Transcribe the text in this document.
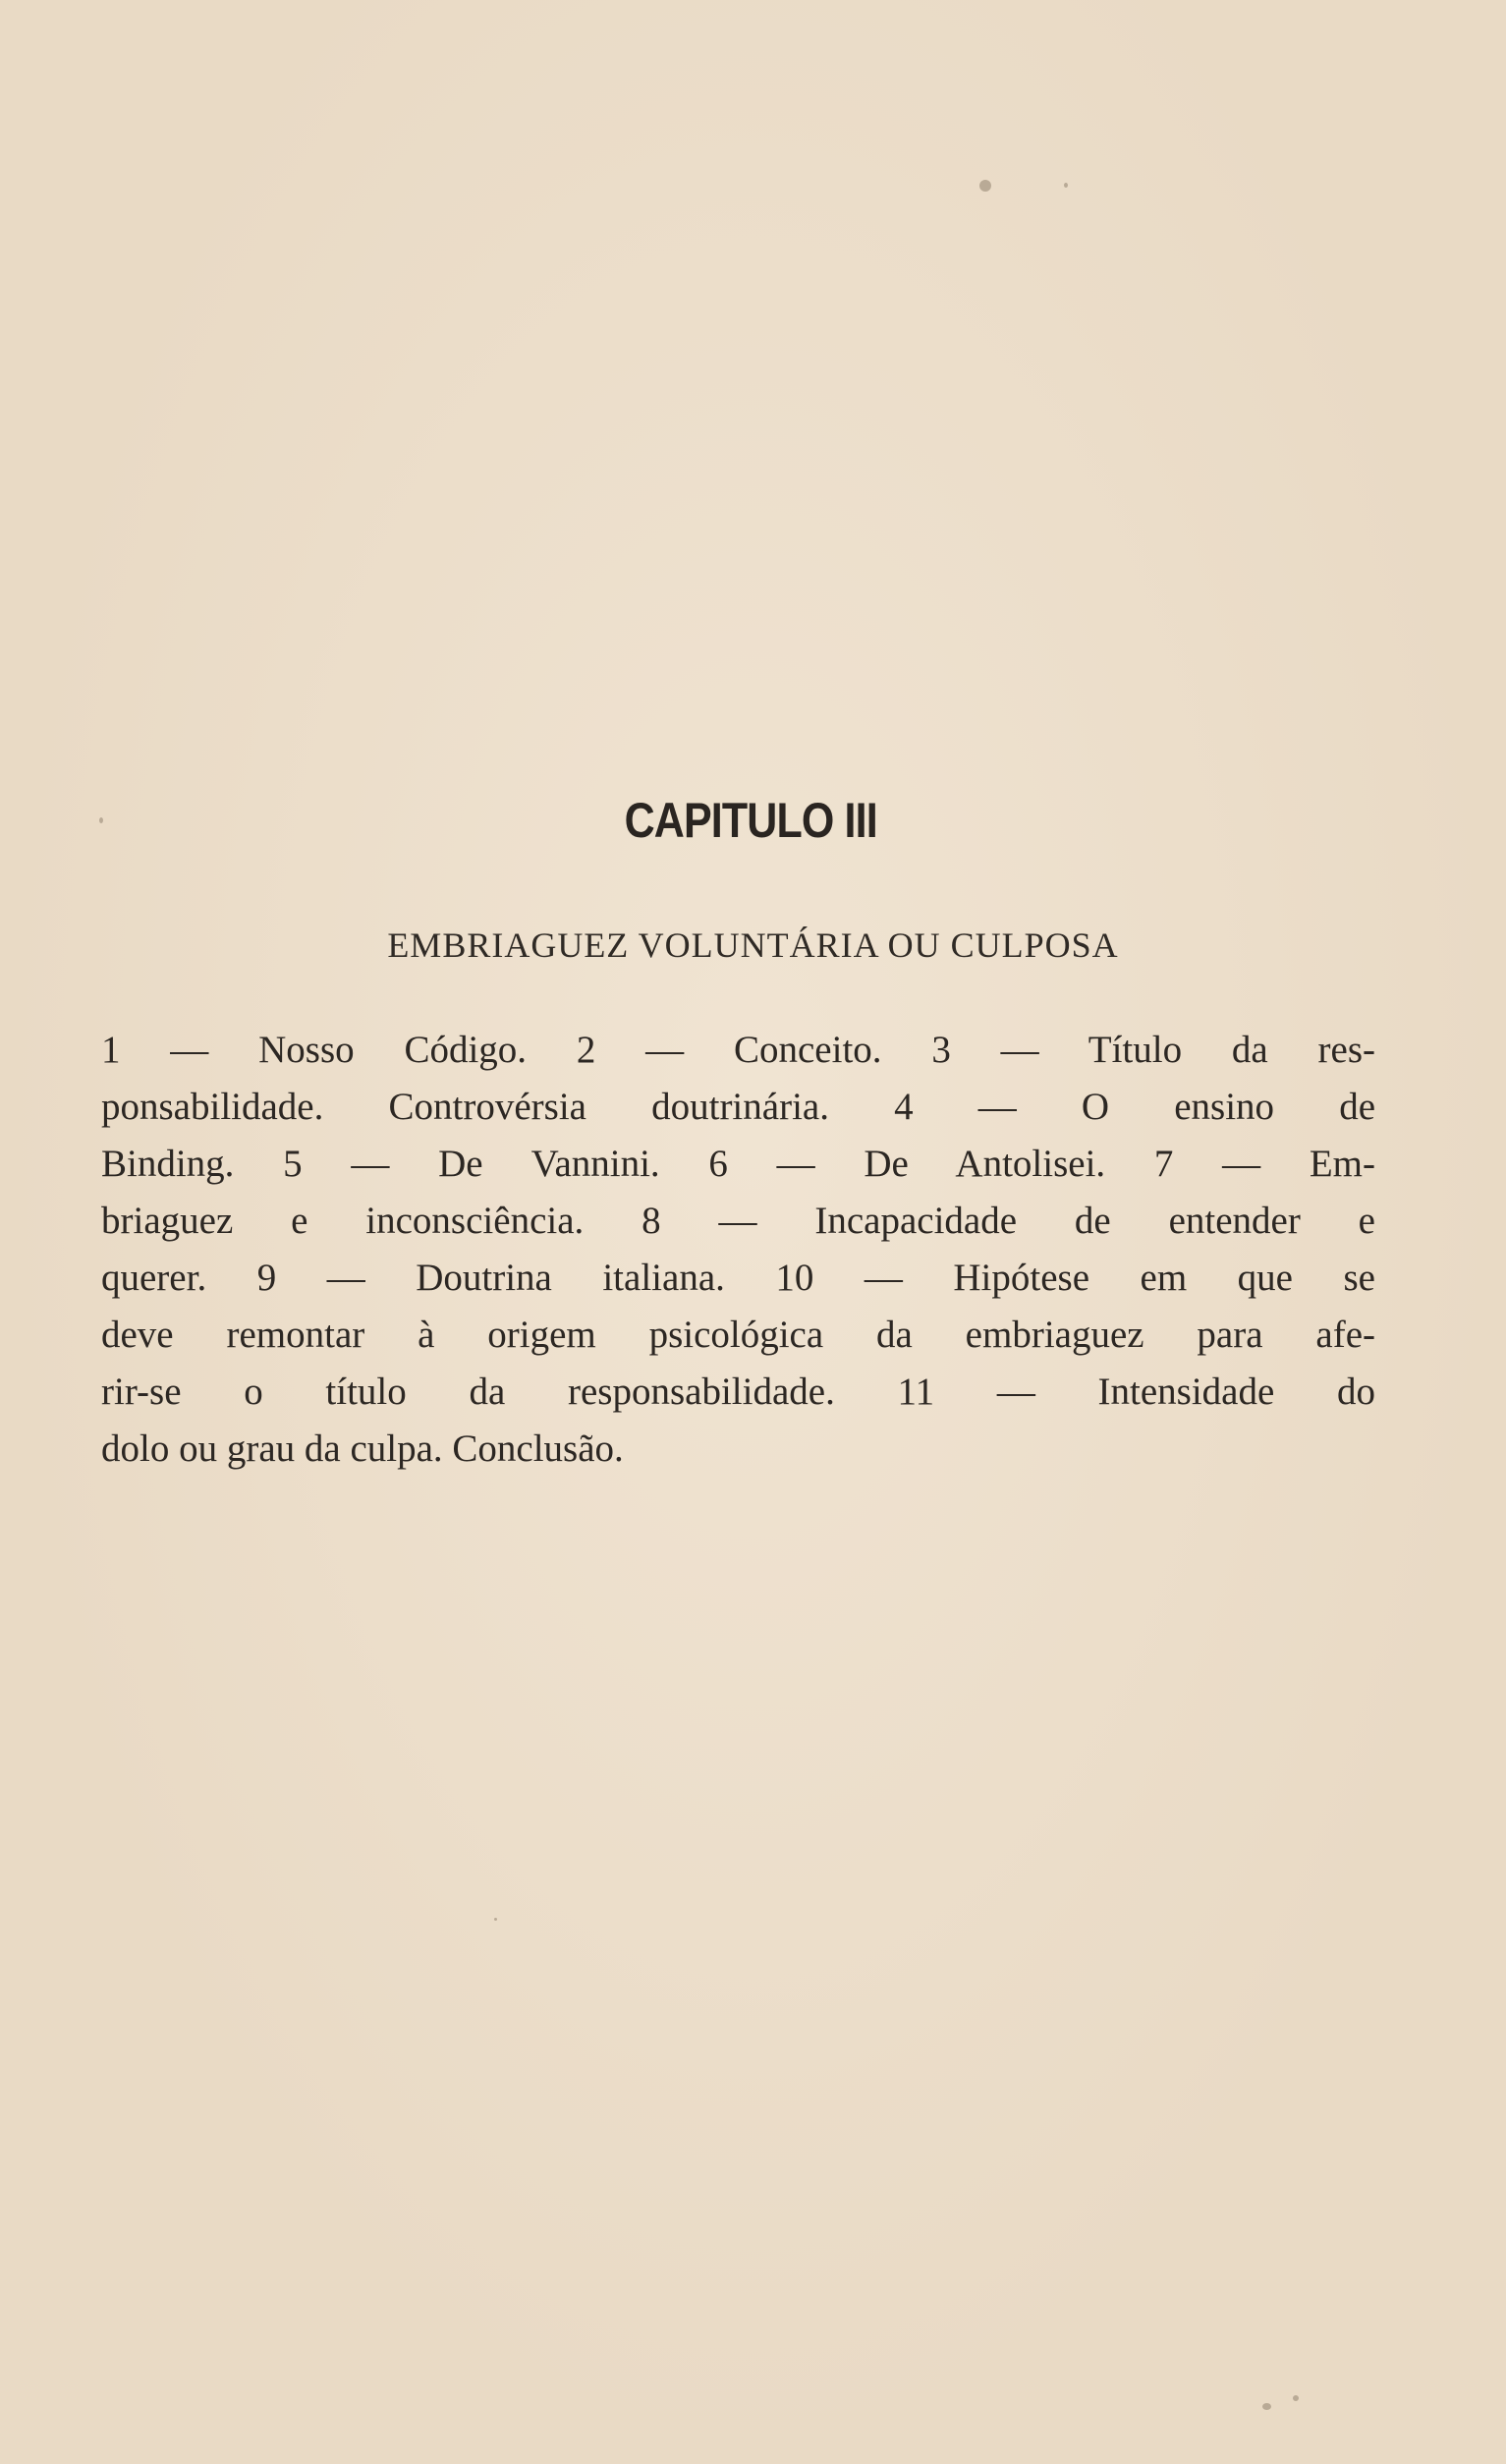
CAPITULO III
EMBRIAGUEZ VOLUNTÁRIA OU CULPOSA
1 — Nosso Código. 2 — Conceito. 3 — Título da res-
ponsabilidade. Controvérsia doutrinária. 4 — O ensino de
Binding. 5 — De Vannini. 6 — De Antolisei. 7 — Em-
briaguez e inconsciência. 8 — Incapacidade de entender e
querer. 9 — Doutrina italiana. 10 — Hipótese em que se
deve remontar à origem psicológica da embriaguez para afe-
rir-se o título da responsabilidade. 11 — Intensidade do
dolo ou grau da culpa. Conclusão.
